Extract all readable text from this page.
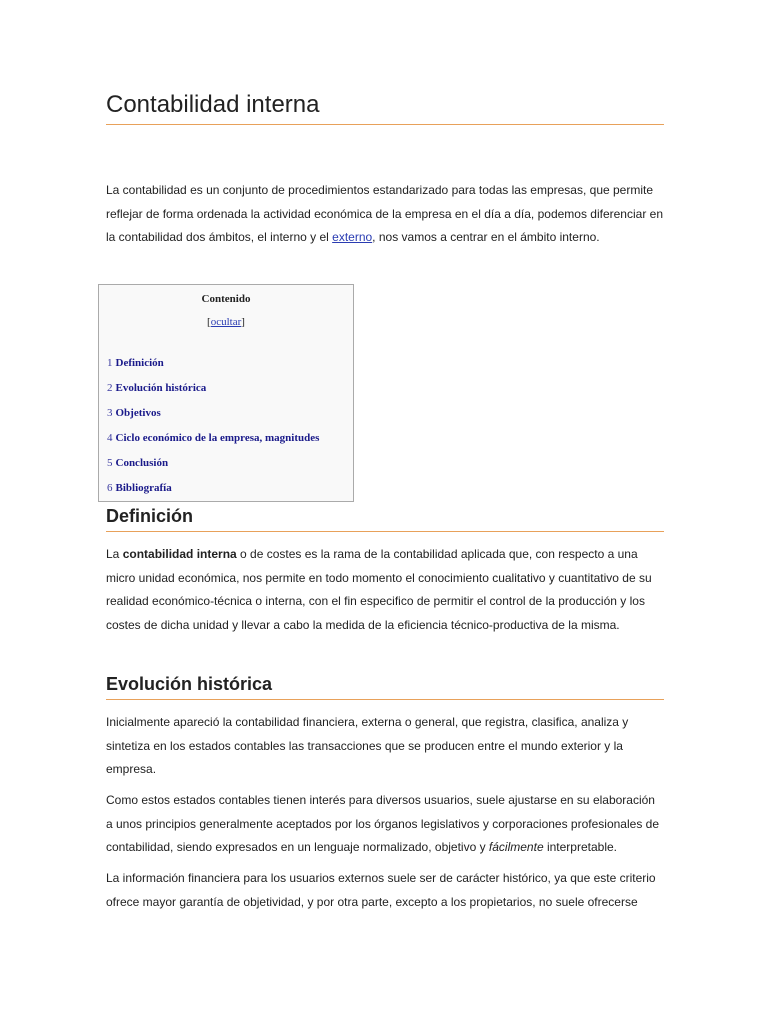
Contabilidad interna

La contabilidad es un conjunto de procedimientos estandarizado para todas las empresas, que permite reflejar de forma ordenada la actividad económica de la empresa en el día a día, podemos diferenciar en la contabilidad dos ámbitos, el interno y el externo, nos vamos a centrar en el ámbito interno.

Contenido
[ocultar]
1 Definición
2 Evolución histórica
3 Objetivos
4 Ciclo económico de la empresa, magnitudes
5 Conclusión
6 Bibliografía
Definición

La contabilidad interna o de costes es la rama de la contabilidad aplicada que, con respecto a una micro unidad económica, nos permite en todo momento el conocimiento cualitativo y cuantitativo de su realidad económico-técnica o interna, con el fin especifico de permitir el control de la producción y los costes de dicha unidad y llevar a cabo la medida de la eficiencia técnico-productiva de la misma.

Evolución histórica

Inicialmente apareció la contabilidad financiera, externa o general, que registra, clasifica, analiza y sintetiza en los estados contables las transacciones que se producen entre el mundo exterior y la empresa.

Como estos estados contables tienen interés para diversos usuarios, suele ajustarse en su elaboración a unos principios generalmente aceptados por los órganos legislativos y corporaciones profesionales de contabilidad, siendo expresados en un lenguaje normalizado, objetivo y fácilmente interpretable.

La información financiera para los usuarios externos suele ser de carácter histórico, ya que este criterio ofrece mayor garantía de objetividad, y por otra parte, excepto a los propietarios, no suele ofrecerse
